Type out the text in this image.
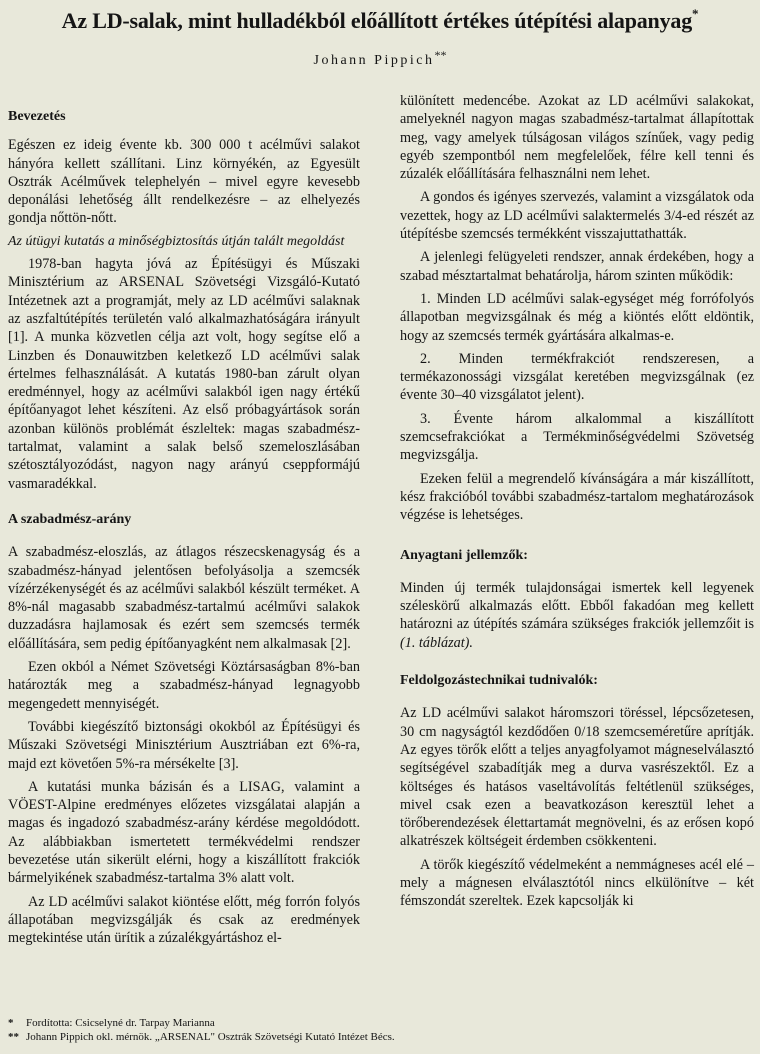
Az LD-salak, mint hulladékból előállított értékes útépítési alapanyag*
Johann Pippich**
Bevezetés

Egészen ez ideig évente kb. 300 000 t acélművi salakot hányóra kellett szállítani. Linz környékén, az Egyesült Osztrák Acélművek telephelyén – mivel egyre kevesebb deponálási lehetőség állt rendelkezésre – az elhelyezés gondja nőttön-nőtt.

Az útügyi kutatás a minőségbiztosítás útján talált megoldást

1978-ban hagyta jóvá az Építésügyi és Műszaki Minisztérium az ARSENAL Szövetségi Vizsgáló-Kutató Intézetnek azt a programját, mely az LD acélművi salaknak az aszfaltútépítés területén való alkalmazhatóságára irányult [1]. A munka közvetlen célja azt volt, hogy segítse elő a Linzben és Donauwitzben keletkező LD acélművi salak értelmes felhasználását. A kutatás 1980-ban zárult olyan eredménnyel, hogy az acélművi salakból igen nagy értékű építőanyagot lehet készíteni. Az első próbagyártások során azonban különös problémát észleltek: magas szabadmész-tartalmat, valamint a salak belső szemeloszlásában szétosztályozódást, nagyon nagy arányú cseppformájú vasmaradékkal.

A szabadmész-arány

A szabadmész-eloszlás, az átlagos részecskenagyság és a szabadmész-hányad jelentősen befolyásolja a szemcsék vízérzékenységét és az acélművi salakból készült terméket. A 8%-nál magasabb szabadmész-tartalmú acélművi salakok duzzadásra hajlamosak és ezért sem szemcsés termék előállítására, sem pedig építőanyagként nem alkalmasak [2].

Ezen okból a Német Szövetségi Köztársaságban 8%-ban határozták meg a szabadmész-hányad legnagyobb megengedett mennyiségét.

További kiegészítő biztonsági okokból az Építésügyi és Műszaki Szövetségi Minisztérium Ausztriában ezt 6%-ra, majd ezt követően 5%-ra mérsékelte [3].

A kutatási munka bázisán és a LISAG, valamint a VÖEST-Alpine eredményes előzetes vizsgálatai alapján a magas és ingadozó szabadmész-arány kérdése megoldódott. Az alábbiakban ismertetett termékvédelmi rendszer bevezetése után sikerült elérni, hogy a kiszállított frakciók bármelyikének szabadmész-tartalma 3% alatt volt.

Az LD acélművi salakot kiöntése előtt, még forrón folyós állapotában megvizsgálják és csak az eredmények megtekintése után ürítik a zúzalékgyártáshoz el-

különített medencébe. Azokat az LD acélművi salakokat, amelyeknél nagyon magas szabadmész-tartalmat állapítottak meg, vagy amelyek túlságosan világos színűek, vagy pedig egyéb szempontból nem megfelelőek, félre kell tenni és zúzalék előállítására felhasználni nem lehet.

A gondos és igényes szervezés, valamint a vizsgálatok oda vezettek, hogy az LD acélművi salaktermelés 3/4-ed részét az útépítésbe szemcsés termékként visszajuttathatták.

A jelenlegi felügyeleti rendszer, annak érdekében, hogy a szabad mésztartalmat behatárolja, három szinten működik:

1. Minden LD acélművi salak-egységet még forrófolyós állapotban megvizsgálnak és még a kiöntés előtt eldöntik, hogy az szemcsés termék gyártására alkalmas-e.

2. Minden termékfrakciót rendszeresen, a termékazonossági vizsgálat keretében megvizsgálnak (ez évente 30–40 vizsgálatot jelent).

3. Évente három alkalommal a kiszállított szemcsefrakciókat a Termékminőségvédelmi Szövetség megvizsgálja.

Ezeken felül a megrendelő kívánságára a már kiszállított, kész frakcióból további szabadmész-tartalom meghatározások végzése is lehetséges.

Anyagtani jellemzők:

Minden új termék tulajdonságai ismertek kell legyenek széleskörű alkalmazás előtt. Ebből fakadóan meg kellett határozni az útépítés számára szükséges frakciók jellemzőit is (1. táblázat).

Feldolgozástechnikai tudnivalók:

Az LD acélművi salakot háromszori töréssel, lépcsőzetesen, 30 cm nagyságtól kezdődően 0/18 szemcseméretűre aprítják. Az egyes törők előtt a teljes anyagfolyamot mágneselválasztó segítségével szabadítják meg a durva vasrészektől. Ez a költséges és hatásos vaseltávolítás feltétlenül szükséges, mivel csak ezen a beavatkozáson keresztül lehet a törőberendezések élettartamát megnövelni, és az erősen kopó alkatrészek költségeit érdemben csökkenteni.

A törők kiegészítő védelmeként a nemmágneses acél elé – mely a mágnesen elválasztótól nincs elkülönítve – két fémszondát szereltek. Ezek kapcsolják ki

* Fordította: Csicselyné dr. Tarpay Marianna
** Johann Pippich okl. mérnök. „ARSENAL" Osztrák Szövetségi Kutató Intézet Bécs.
